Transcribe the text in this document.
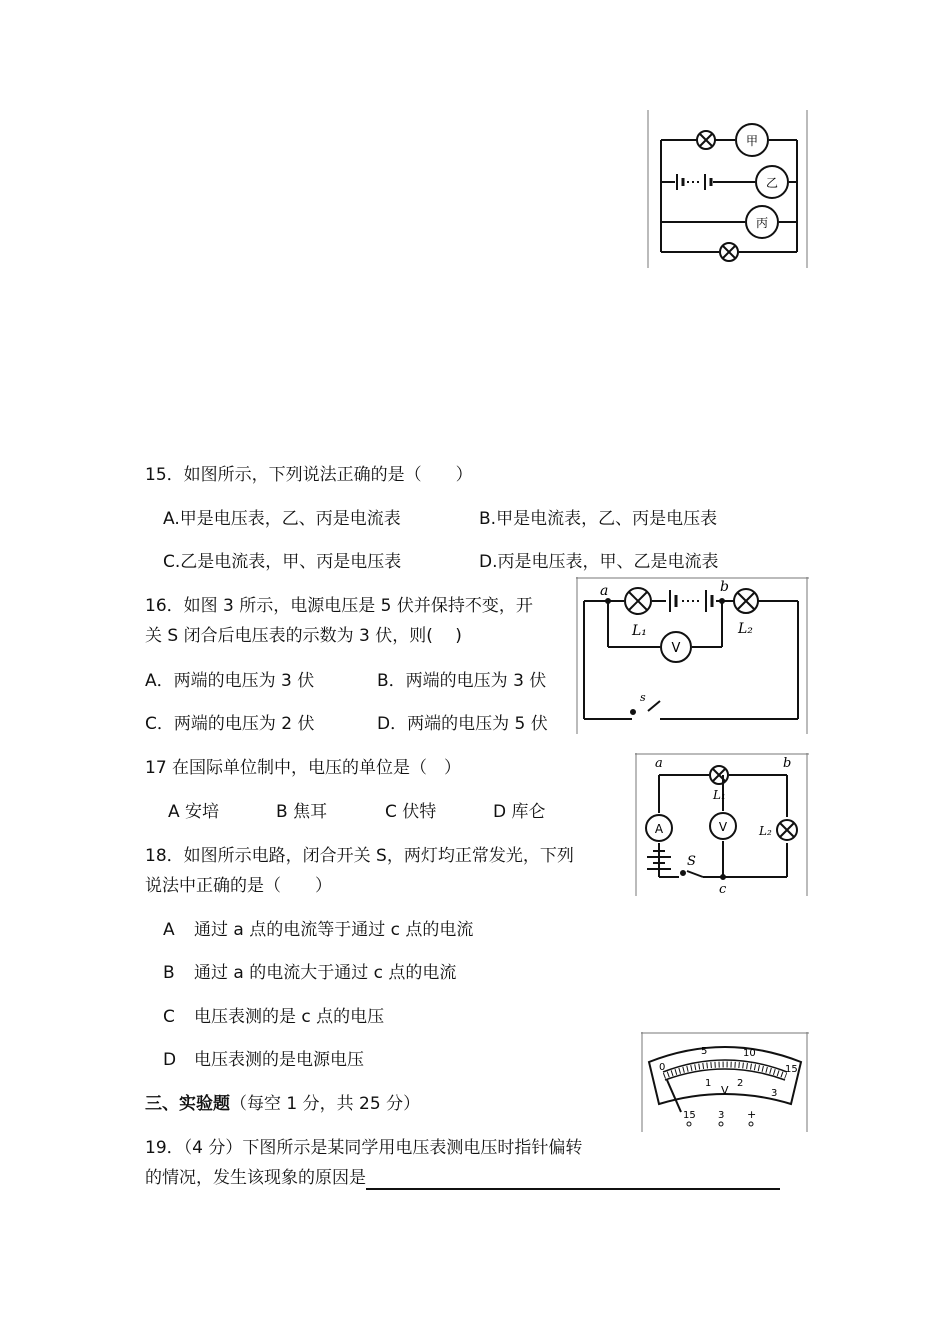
甲
乙
丙
15．如图所示，下列说法正确的是（　　）
A.甲是电压表，乙、丙是电流表	B.甲是电流表，乙、丙是电压表
C.乙是电流表，甲、丙是电压表	D.丙是电压表，甲、乙是电流表
a	b
L₁	L₂
V
s
16．如图 3 所示，电源电压是 5 伏并保持不变，开
关 S 闭合后电压表的示数为 3 伏，则(　 )
A．两端的电压为 3 伏	B．两端的电压为 3 伏
C．两端的电压为 2 伏	D．两端的电压为 5 伏
a	b
c
L₁
L₂
A	V
S
17 在国际单位制中，电压的单位是（　）
A 安培	B 焦耳	C 伏特	D 库仑
18．如图所示电路，闭合开关 S，两灯均正常发光，下列
说法中正确的是（　　）
A 通过 a 点的电流等于通过 c 点的电流
B 通过 a 的电流大于通过 c 点的电流
C 电压表测的是 c 点的电压
D 电压表测的是电源电压	0
5	10
15
1	2
3
V
15 3 +
三、实验题（每空 1 分，共 25 分）
19．（4 分）下图所示是某同学用电压表测电压时指针偏转
的情况，发生该现象的原因是
